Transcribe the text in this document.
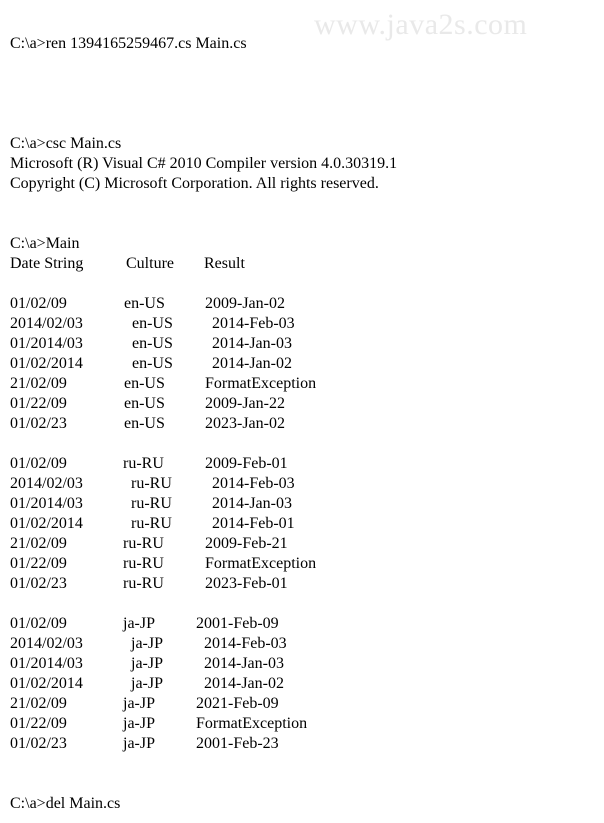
www.java2s.com
C:\a>ren 1394165259467.cs Main.cs
C:\a>csc Main.cs
Microsoft (R) Visual C# 2010 Compiler version 4.0.30319.1
Copyright (C) Microsoft Corporation. All rights reserved.
C:\a>Main
Date String	Culture Result
01/02/09	en-US	2009-Jan-02
2014/02/03	en-US 2014-Feb-03
01/2014/03	en-US 2014-Jan-03
01/02/2014	en-US 2014-Jan-02
21/02/09	en-US	FormatException
01/22/09	en-US	2009-Jan-22
01/02/23	en-US	2023-Jan-02
01/02/09	ru-RU	2009-Feb-01
2014/02/03	ru-RU	2014-Feb-03
01/2014/03	ru-RU	2014-Jan-03
01/02/2014	ru-RU	2014-Feb-01
21/02/09	ru-RU	2009-Feb-21
01/22/09	ru-RU	FormatException
01/02/23	ru-RU	2023-Feb-01
01/02/09	ja-JP	2001-Feb-09
2014/02/03	ja-JP	2014-Feb-03
01/2014/03	ja-JP	2014-Jan-03
01/02/2014	ja-JP	2014-Jan-02
21/02/09	ja-JP	2021-Feb-09
01/22/09	ja-JP	FormatException
01/02/23	ja-JP	2001-Feb-23
C:\a>del Main.cs
